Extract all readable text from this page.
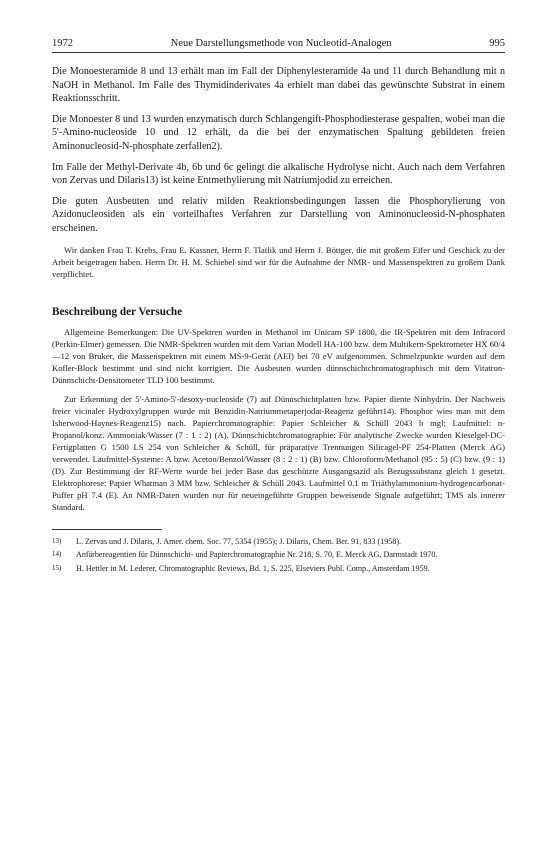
1972	Neue Darstellungsmethode von Nucleotid-Analogen	995

Die Monoesteramide 8 und 13 erhält man im Fall der Diphenylesteramide 4a und 11 durch Behandlung mit n NaOH in Methanol. Im Falle des Thymidinderivates 4a erhielt man dabei das gewünschte Substrat in einem Reaktionsschritt.

Die Monoester 8 und 13 wurden enzymatisch durch Schlangengift-Phosphodiesterase gespalten, wobei man die 5'-Amino-nucleoside 10 und 12 erhält, da die bei der enzymatischen Spaltung gebildeten freien Aminonucleosid-N-phosphate zerfallen2).

Im Falle der Methyl-Derivate 4b, 6b und 6c gelingt die alkalische Hydrolyse nicht. Auch nach dem Verfahren von Zervas und Dilaris13) ist keine Entmethylierung mit Natriumjodid zu erreichen.

Die guten Ausbeuten und relativ milden Reaktionsbedingungen lassen die Phosphorylierung von Azidonucleosiden als ein vorteilhaftes Verfahren zur Darstellung von Aminonucleosid-N-phosphaten erscheinen.

Wir danken Frau T. Krebs, Frau E. Kassner, Herrn F. Tlatlik und Herrn J. Böttger, die mit großem Eifer und Geschick zu der Arbeit beigetragen haben. Herrn Dr. H. M. Schiebel sind wir für die Aufnahme der NMR- und Massenspektren zu großem Dank verpflichtet.
Beschreibung der Versuche

Allgemeine Bemerkungen: Die UV-Spektren wurden in Methanol im Unicam SP 1800, die IR-Spektren mit dem Infracord (Perkin-Elmer) gemessen. Die NMR-Spektren wurden mit dem Varian Modell HA-100 bzw. dem Multikern-Spektrometer HX 60/4—12 von Bruker, die Massenspektren mit einem MS-9-Gerät (AEI) bei 70 eV aufgenommen. Schmelzpunkte wurden auf dem Kofler-Block bestimmt und sind nicht korrigiert. Die Ausbeuten wurden dünnschichtchromatographisch mit dem Vitatron-Dünnschicht-Densitometer TLD 100 bestimmt.

Zur Erkennung der 5'-Amino-5'-desoxy-nucleoside (7) auf Dünnschichtplatten bzw. Papier diente Ninhydrin. Der Nachweis freier vicinaler Hydroxylgruppen wurde mit Benzidin-Natriummetaperjodat-Reagenz geführt14). Phosphor wies man mit dem Isherwood-Haynes-Reagenz15) nach. Papierchromatographie: Papier Schleicher & Schüll 2043 b mgl; Laufmittel: n-Propanol/konz. Ammoniak/Wasser (7 : 1 : 2) (A). Dünnschichtchromatographie: Für analytische Zwecke wurden Kieselgel-DC-Fertigplatten G 1500 LS 254 von Schleicher & Schüll, für präparative Trennungen Silicagel-PF 254-Platten (Merck AG) verwendet. Laufmittel-Systeme: A bzw. Aceton/Benzol/Wasser (8 : 2 : 1) (B) bzw. Chloroform/Methanol (95 : 5) (C) bzw. (9 : 1) (D). Zur Bestimmung der RF-Werte wurde bei jeder Base das geschützte Ausgangsazid als Bezugssubstanz gleich 1 gesetzt. Elektrophorese: Papier Whatman 3 MM bzw. Schleicher & Schüll 2043. Laufmittel 0.1 m Triäthylammonium-hydrogencarbonat-Puffer pH 7.4 (E). An NMR-Daten wurden nur für neueingeführte Gruppen beweisende Signale aufgeführt; TMS als innerer Standard.

13)	L. Zervas und J. Dilaris, J. Amer. chem. Soc. 77, 5354 (1955); J. Dilaris, Chem. Ber. 91, 833 (1958).
14)	Anfärbereagentien für Dünnschicht- und Papierchromatographie Nr. 218, S. 70, E. Merck AG, Darmstadt 1970.
15)	H. Hettler in M. Lederer, Chromatographic Reviews, Bd. 1, S. 225, Elseviers Publ. Comp., Amsterdam 1959.
